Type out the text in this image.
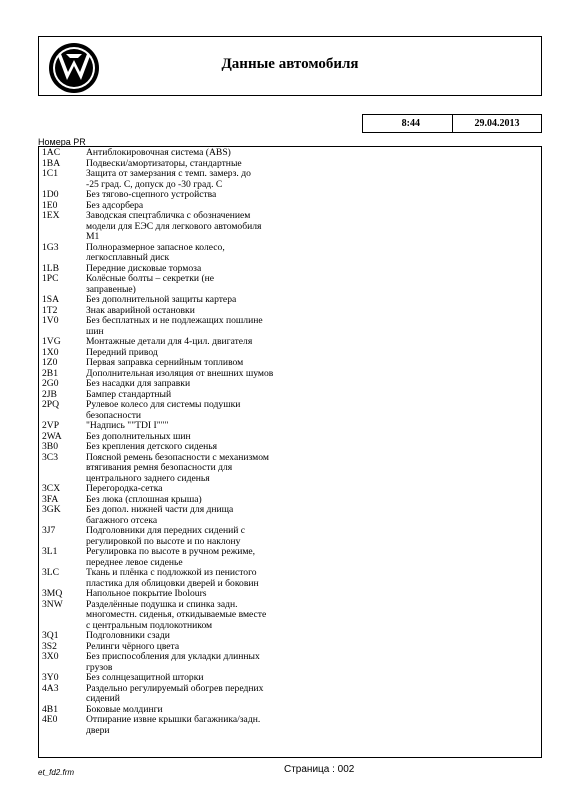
Данные автомобиля
8:44	29.04.2013
Номера PR
1AC	Антиблокировочная система (ABS)
1BA	Подвески/амортизаторы, стандартные
1C1	Защита от замерзания с темп. замерз. до
-25 град. С, допуск до -30 град. С
1D0	Без тягово-сцепного устройства
1E0	Без адсорбера
1EX	Заводская спецтабличка с обозначением
модели для ЕЭС для легкового автомобиля
M1
1G3	Полноразмерное запасное колесо,
легкосплавный диск
1LB	Передние дисковые тормоза
1PC	Колёсные болты – секретки (не
заправеные)
1SA	Без дополнительной защиты картера
1T2	Знак аварийной остановки
1V0	Без бесплатных и не подлежащих пошлине
шин
1VG	Монтажные детали для 4-цил. двигателя
1X0	Передний привод
1Z0	Первая заправка сернийным топливом
2B1	Дополнительная изоляция от внешних шумов
2G0	Без насадки для заправки
2JB	Бампер стандартный
2PQ	Рулевое колесо для системы подушки
безопасности
2VP	"Надпись ""TDI I"""
2WA	Без дополнительных шин
3B0	Без крепления детского сиденья
3C3	Поясной ремень безопасности с механизмом
втягивания ремня безопасности для
центрального заднего сиденья
3CX	Перегородка-сетка
3FA	Без люка (сплошная крыша)
3GK	Без допол. нижней части для днища
багажного отсека
3J7	Подголовники для передних сидений с
регулировкой по высоте и по наклону
3L1	Регулировка по высоте в ручном режиме,
переднее левое сиденье
3LC	Ткань и плёнка с подложкой из пенистого
пластика для облицовки дверей и боковин
3MQ	Напольное покрытие Ibolours
3NW	Разделённые подушка и спинка задн.
многоместн. сиденья, откидываемые вместе
с центральным подлокотником
3Q1	Подголовники сзади
3S2	Релинги чёрного цвета
3X0	Без приспособления для укладки длинных
грузов
3Y0	Без солнцезащитной шторки
4A3	Раздельно регулируемый обогрев передних
сидений
4B1	Боковые молдинги
4E0	Отпирание извне крышки багажника/задн.
двери
et_fd2.frm	Страница : 002
